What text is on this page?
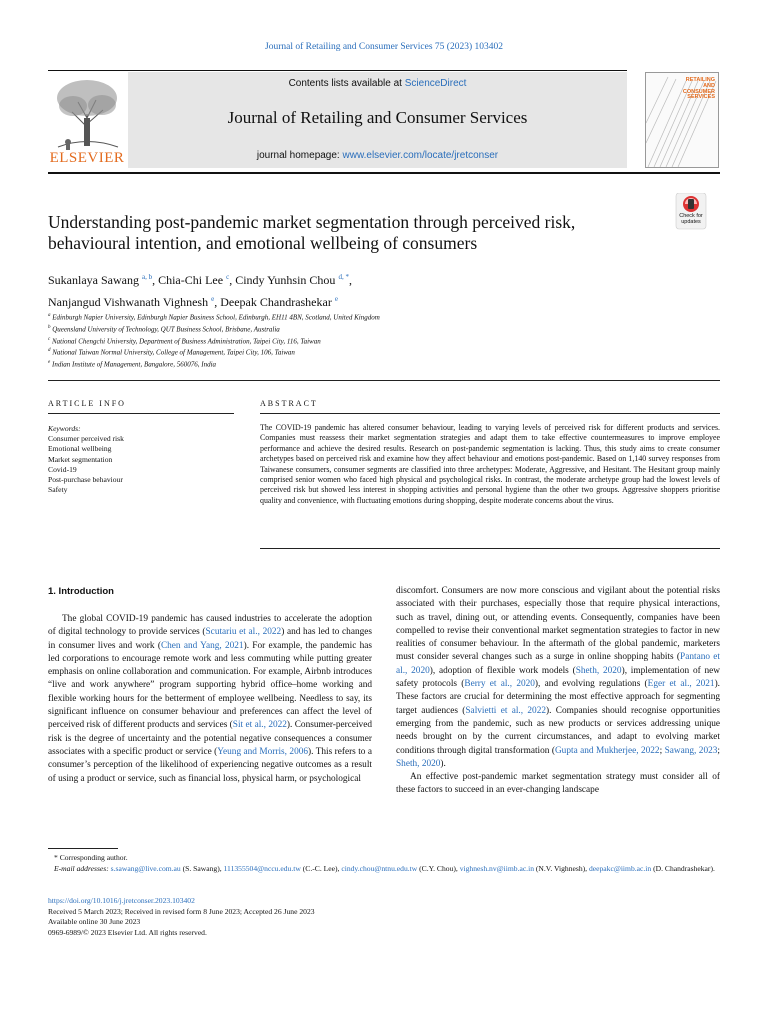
Journal of Retailing and Consumer Services 75 (2023) 103402
ELSEVIER
Contents lists available at ScienceDirect
Journal of Retailing and Consumer Services
journal homepage: www.elsevier.com/locate/jretconser
RETAILING
AND
CONSUMER
SERVICES
Understanding post-pandemic market segmentation through perceived risk,
behavioural intention, and emotional wellbeing of consumers
Check for
updates
Sukanlaya Sawang $^{a, b}$, Chia-Chi Lee $^c$, Cindy Yunhsin Chou $^{d, *}$,
Nanjangud Vishwanath Vighnesh $^e$, Deepak Chandrashekar $^e$
$^a$ Edinburgh Napier University, Edinburgh Napier Business School, Edinburgh, EH11 4BN, Scotland, United Kingdom
$^b$ Queensland University of Technology, QUT Business School, Brisbane, Australia
$^c$ National Chengchi University, Department of Business Administration, Taipei City, 116, Taiwan
$^d$ National Taiwan Normal University, College of Management, Taipei City, 106, Taiwan
$^e$ Indian Institute of Management, Bangalore, 560076, India
ARTICLE INFO	ABSTRACT
Keywords:
Consumer perceived risk
Emotional wellbeing
Market segmentation
Covid-19
Post-purchase behaviour
Safety
The COVID-19 pandemic has altered consumer behaviour, leading to varying levels of perceived risk for different products and services. Companies must reassess their market segmentation strategies and adapt them to take effective countermeasures to improve employee performance and achieve the desired results. Research on post-pandemic segmentation is lacking. Thus, this study aims to create consumer archetypes based on perceived risk and examine how they affect behaviour and emotions post-pandemic. Based on 1,140 survey responses from Taiwanese consumers, consumer segments are classified into three archetypes: Moderate, Aggressive, and Hesitant. The Hesitant group mainly comprised senior women who faced high physical and psychological risks. In contrast, the moderate archetype group had the lowest levels of perceived risk but showed less interest in shopping activities and personal hygiene than the other two groups. Aggressive shoppers prioritise quality and convenience, with fluctuating emotions during shopping, despite moderate concerns about the virus.
1. Introduction

The global COVID-19 pandemic has caused industries to accelerate the adoption of digital technology to provide services (Scutariu et al., 2022) and has led to changes in consumer lives and work (Chen and Yang, 2021). For example, the pandemic has led corporations to encourage remote work and less commuting while putting greater emphasis on online collaboration and communication. For example, Airbnb introduces “live and work anywhere” program supporting hybrid office–home working and flexible working hours for the betterment of employee wellbeing. Needless to say, its significant influence on consumer behaviour and preferences can affect the level of perceived risk of different products and services (Sit et al., 2022). Consumer-perceived risk is the degree of uncertainty and the potential negative consequences a consumer associates with a specific product or service (Yeung and Morris, 2006). This refers to a consumer’s perception of the likelihood of experiencing negative outcomes as a result of using a product or service, such as financial loss, physical harm, or psychological

discomfort. Consumers are now more conscious and vigilant about the potential risks associated with their purchases, especially those that require physical interactions, such as travel, dining out, or attending events. Consequently, companies have been compelled to revise their conventional market segmentation strategies to factor in new realities of consumer behaviour. In the aftermath of the global pandemic, marketers must consider several changes such as a surge in online shopping habits (Pantano et al., 2020), adoption of flexible work models (Sheth, 2020), implementation of new safety protocols (Berry et al., 2020), and evolving regulations (Eger et al., 2021). These factors are crucial for determining the most effective approach for segmenting target audiences (Salvietti et al., 2022). Companies should recognise opportunities emerging from the pandemic, such as new products or services addressing unique needs brought on by the current circumstances, and adapt to evolving market conditions through digital transformation (Gupta and Mukherjee, 2022; Sawang, 2023; Sheth, 2020).

An effective post-pandemic market segmentation strategy must consider all of these factors to succeed in an ever-changing landscape

* Corresponding author.
E-mail addresses: s.sawang@live.com.au (S. Sawang), 111355504@nccu.edu.tw (C.-C. Lee), cindy.chou@ntnu.edu.tw (C.Y. Chou), vighnesh.nv@iimb.ac.in (N.V. Vighnesh), deepakc@iimb.ac.in (D. Chandrashekar).
https://doi.org/10.1016/j.jretconser.2023.103402
Received 5 March 2023; Received in revised form 8 June 2023; Accepted 26 June 2023
Available online 30 June 2023
0969-6989/© 2023 Elsevier Ltd. All rights reserved.
